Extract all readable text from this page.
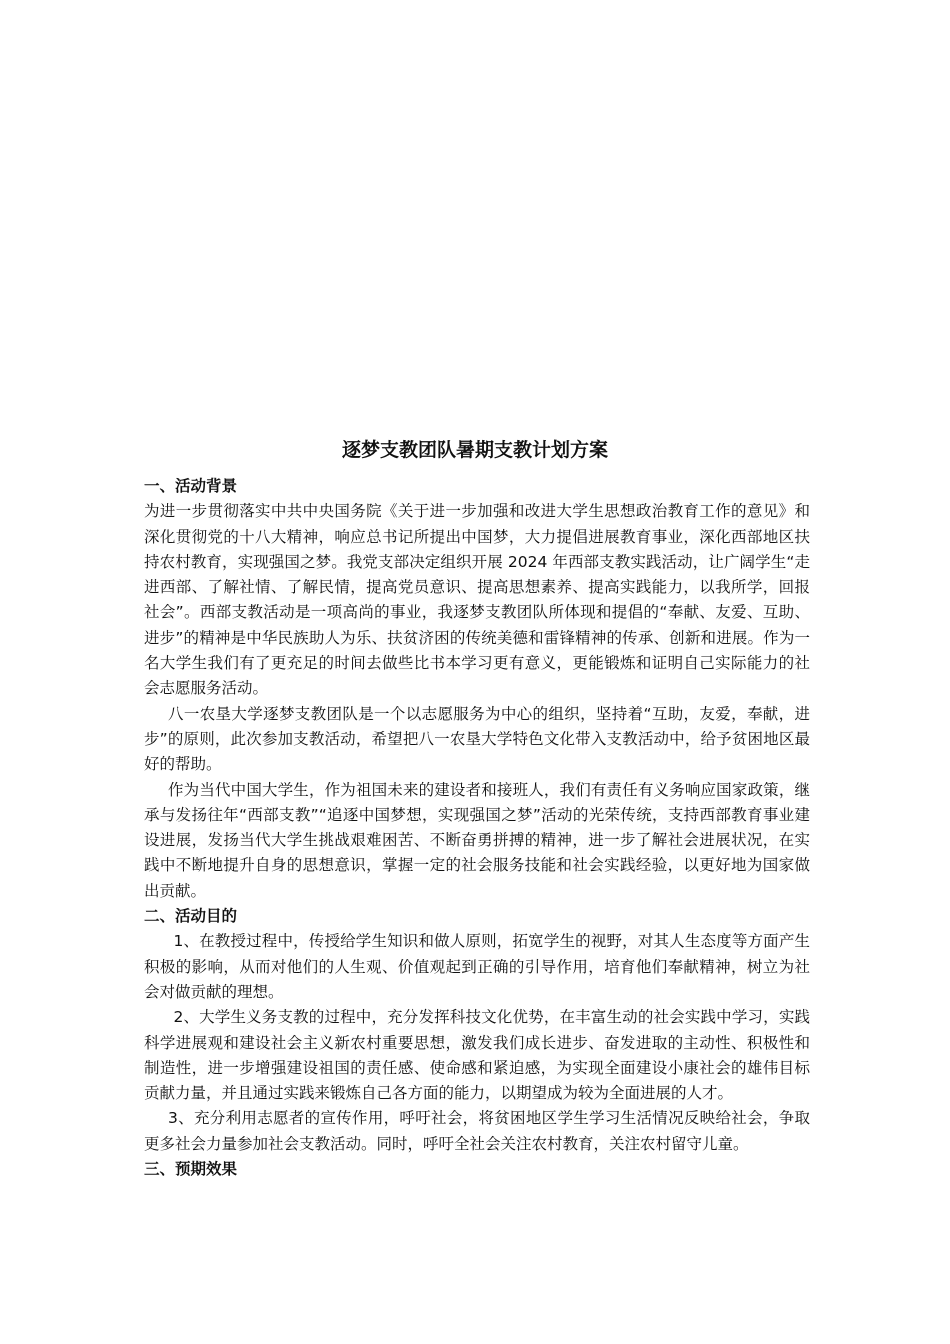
逐梦支教团队暑期支教计划方案

一、活动背景

为进一步贯彻落实中共中央国务院《关于进一步加强和改进大学生思想政治教育工作的意见》和深化贯彻党的十八大精神，响应总书记所提出中国梦，大力提倡进展教育事业，深化西部地区扶持农村教育，实现强国之梦。我党支部决定组织开展 2024 年西部支教实践活动，让广阔学生“走进西部、了解社情、了解民情，提高党员意识、提高思想素养、提高实践能力，以我所学，回报社会”。西部支教活动是一项高尚的事业，我逐梦支教团队所体现和提倡的“奉献、友爱、互助、进步”的精神是中华民族助人为乐、扶贫济困的传统美德和雷锋精神的传承、创新和进展。作为一名大学生我们有了更充足的时间去做些比书本学习更有意义，更能锻炼和证明自己实际能力的社会志愿服务活动。

八一农垦大学逐梦支教团队是一个以志愿服务为中心的组织，坚持着“互助，友爱，奉献，进步”的原则，此次参加支教活动，希望把八一农垦大学特色文化带入支教活动中，给予贫困地区最好的帮助。

作为当代中国大学生，作为祖国未来的建设者和接班人，我们有责任有义务响应国家政策，继承与发扬往年“西部支教”“追逐中国梦想，实现强国之梦”活动的光荣传统，支持西部教育事业建设进展，发扬当代大学生挑战艰难困苦、不断奋勇拼搏的精神，进一步了解社会进展状况，在实践中不断地提升自身的思想意识，掌握一定的社会服务技能和社会实践经验，以更好地为国家做出贡献。

二、活动目的

1、在教授过程中，传授给学生知识和做人原则，拓宽学生的视野，对其人生态度等方面产生积极的影响，从而对他们的人生观、价值观起到正确的引导作用，培育他们奉献精神，树立为社会对做贡献的理想。

2、大学生义务支教的过程中，充分发挥科技文化优势，在丰富生动的社会实践中学习，实践科学进展观和建设社会主义新农村重要思想，激发我们成长进步、奋发进取的主动性、积极性和制造性，进一步增强建设祖国的责任感、使命感和紧迫感，为实现全面建设小康社会的雄伟目标贡献力量，并且通过实践来锻炼自己各方面的能力，以期望成为较为全面进展的人才。

3、充分利用志愿者的宣传作用，呼吁社会，将贫困地区学生学习生活情况反映给社会，争取更多社会力量参加社会支教活动。同时，呼吁全社会关注农村教育，关注农村留守儿童。

三、预期效果
